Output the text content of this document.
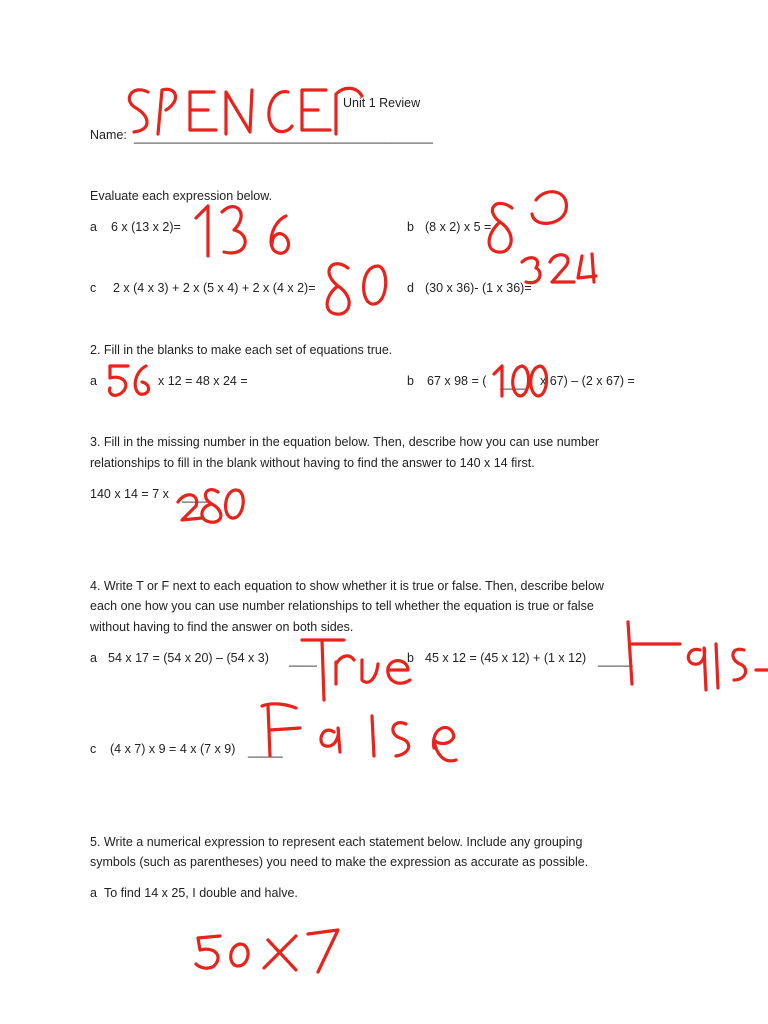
Unit 1 Review
Name: ___________________________________________
Evaluate each expression below.
a 6 x (13 x 2)=	b (8 x 2) x 5 =
c 2 x (4 x 3) + 2 x (5 x 4) + 2 x (4 x 2)=	d (30 x 36)- (1 x 36)=
2. Fill in the blanks to make each set of equations true.
a	x 12 = 48 x 24 =	b 67 x 98 = ( ____ x 67) – (2 x 67) =
3. Fill in the missing number in the equation below. Then, describe how you can use number
relationships to fill in the blank without having to find the answer to 140 x 14 first.
140 x 14 = 7 x ____
4. Write T or F next to each equation to show whether it is true or false. Then, describe below
each one how you can use number relationships to tell whether the equation is true or false
without having to find the answer on both sides.
a 54 x 17 = (54 x 20) – (54 x 3) ____	b 45 x 12 = (45 x 12) + (1 x 12) _____
c (4 x 7) x 9 = 4 x (7 x 9) _____
5. Write a numerical expression to represent each statement below. Include any grouping
symbols (such as parentheses) you need to make the expression as accurate as possible.
a To find 14 x 25, I double and halve.
